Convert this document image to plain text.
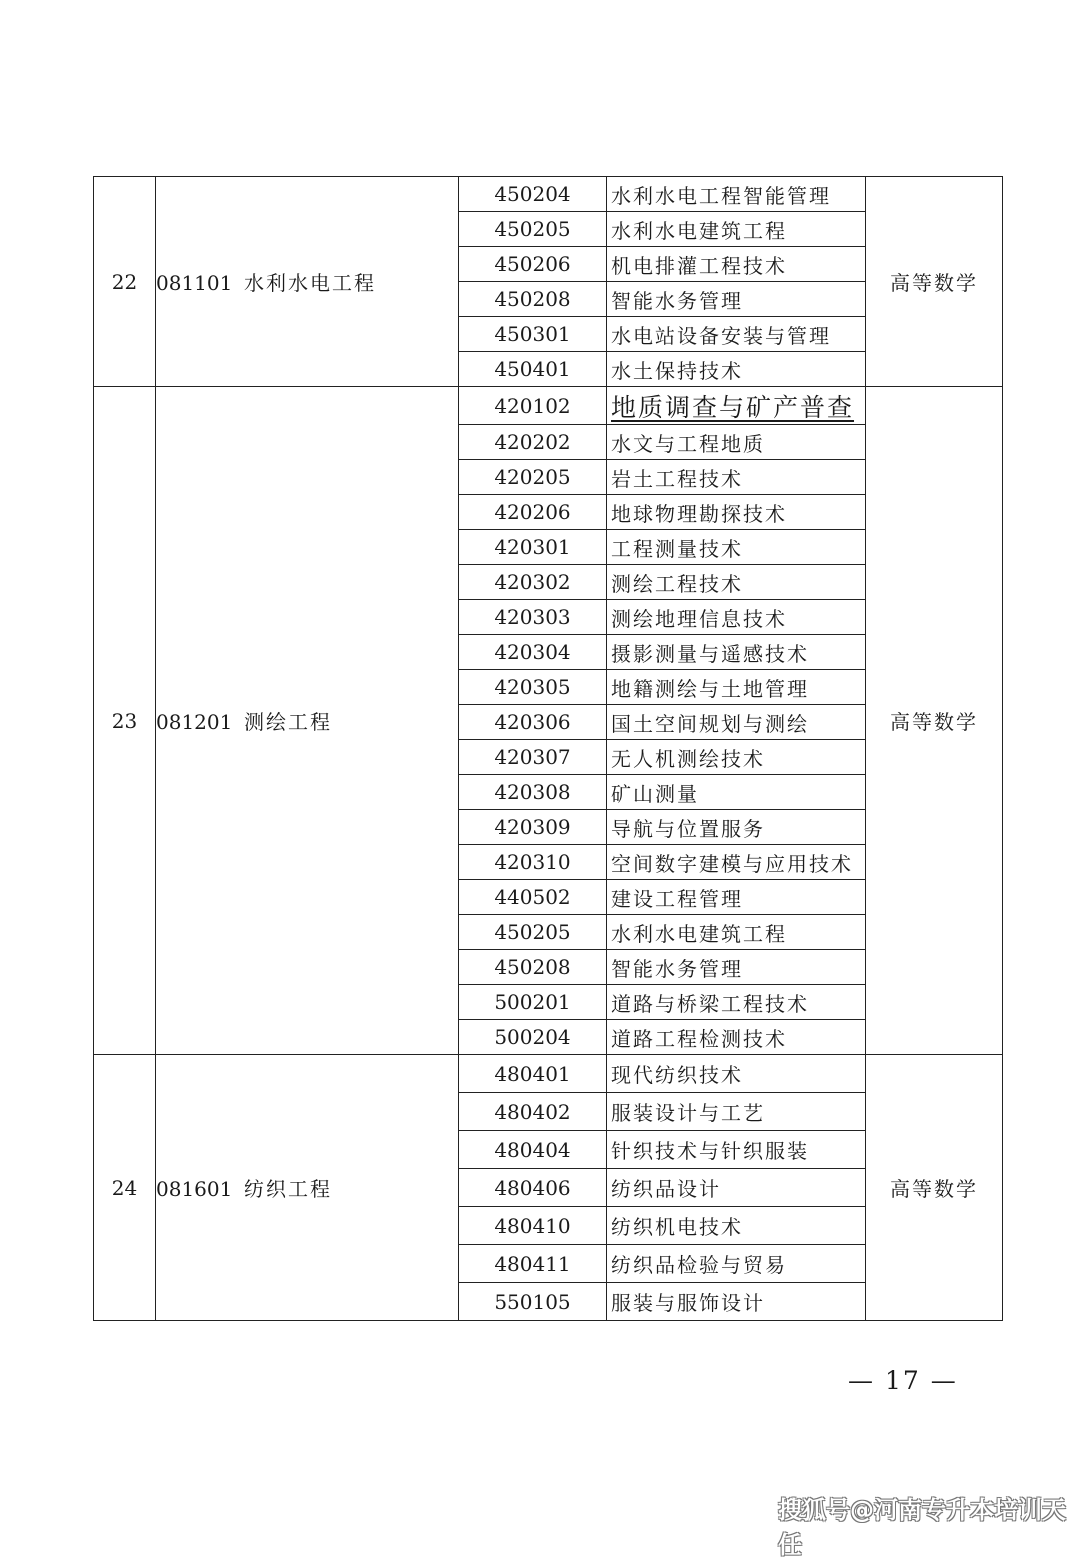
22	081101 水利水电工程	450204	水利水电工程智能管理	高等数学
		450205	水利水电建筑工程	
		450206	机电排灌工程技术	
		450208	智能水务管理	
		450301	水电站设备安装与管理	
		450401	水土保持技术	
23	081201 测绘工程	420102	地质调查与矿产普查	高等数学
		420202	水文与工程地质	
		420205	岩土工程技术	
		420206	地球物理勘探技术	
		420301	工程测量技术	
		420302	测绘工程技术	
		420303	测绘地理信息技术	
		420304	摄影测量与遥感技术	
		420305	地籍测绘与土地管理	
		420306	国土空间规划与测绘	
		420307	无人机测绘技术	
		420308	矿山测量	
		420309	导航与位置服务	
		420310	空间数字建模与应用技术	
		440502	建设工程管理	
		450205	水利水电建筑工程	
		450208	智能水务管理	
		500201	道路与桥梁工程技术	
		500204	道路工程检测技术	
24	081601 纺织工程	480401	现代纺织技术	高等数学
		480402	服装设计与工艺	
		480404	针织技术与针织服装	
		480406	纺织品设计	
		480410	纺织机电技术	
		480411	纺织品检验与贸易	
		550105	服装与服饰设计	
— 17 —
搜狐号@河南专升本培训天任
